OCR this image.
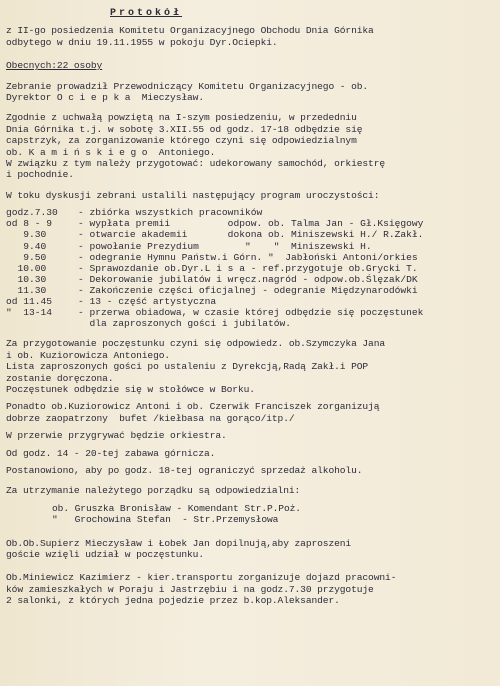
Protokół
z II-go posiedzenia Komitetu Organizacyjnego Obchodu Dnia Górnika
odbytego w dniu 19.11.1955 w pokoju Dyr.Ociepki.
Obecnych:22 osoby
Zebranie prowadził Przewodniczący Komitetu Organizacyjnego - ob.
Dyrektor O c i e p k a  Mieczysław.
Zgodnie z uchwałą powziętą na I-szym posiedzeniu, w przededniu
Dnia Górnika t.j. w sobotę 3.XII.55 od godz. 17-18 odbędzie się
capstrzyk, za zorganizowanie którego czyni się odpowiedzialnym
ob. K a m i ń s k i e g o  Antoniego.
W związku z tym należy przygotować: udekorowany samochód, orkiestrę
i pochodnie.
W toku dyskusji zebrani ustalili następujący program uroczystości:
godz.7.30	- zbiórka wszystkich pracowników
od 8 - 9	- wypłata premii          odpow. ob. Talma Jan - Gł.Księgowy
9.30	- otwarcie akademii       dokona ob. Miniszewski H./ R.Zakł.
9.40	- powołanie Prezydium        "    "  Miniszewski H.
9.50	- odegranie Hymnu Państw.i Górn. "  Jabłoński Antoni/orkies
10.00	- Sprawozdanie ob.Dyr.L i s a - ref.przygotuje ob.Grycki T.
10.30	- Dekorowanie jubilatów i wręcz.nagród - odpow.ob.Ślęzak/DK
11.30	- Zakończenie części oficjalnej - odegranie Międzynarodówki
od 11.45	- 13 - część artystyczna
"  13-14	- przerwa obiadowa, w czasie której odbędzie się poczęstunek
dla zaproszonych gości i jubilatów.
Za przygotowanie poczęstunku czyni się odpowiedz. ob.Szymczyka Jana
i ob. Kuziorowicza Antoniego.
Lista zaproszonych gości po ustaleniu z Dyrekcją,Radą Zakł.i POP
zostanie doręczona.
Poczęstunek odbędzie się w stołówce w Borku.
Ponadto ob.Kuziorowicz Antoni i ob. Czerwik Franciszek zorganizują
dobrze zaopatrzony  bufet /kiełbasa na gorąco/itp./
W przerwie przygrywać będzie orkiestra.
Od godz. 14 - 20-tej zabawa górnicza.
Postanowiono, aby po godz. 18-tej ograniczyć sprzedaż alkoholu.
Za utrzymanie należytego porządku są odpowiedzialni:
ob. Gruszka Bronisław - Komendant Str.P.Poż.
"   Grochowina Stefan  - Str.Przemysłowa
Ob.Ob.Supierz Mieczysław i Łobek Jan dopilnują,aby zaproszeni
goście wzięli udział w poczęstunku.
Ob.Miniewicz Kazimierz - kier.transportu zorganizuje dojazd pracowni-
ków zamieszkałych w Poraju i Jastrzębiu i na godz.7.30 przygotuje
2 salonki, z których jedna pojedzie przez b.kop.Aleksander.
